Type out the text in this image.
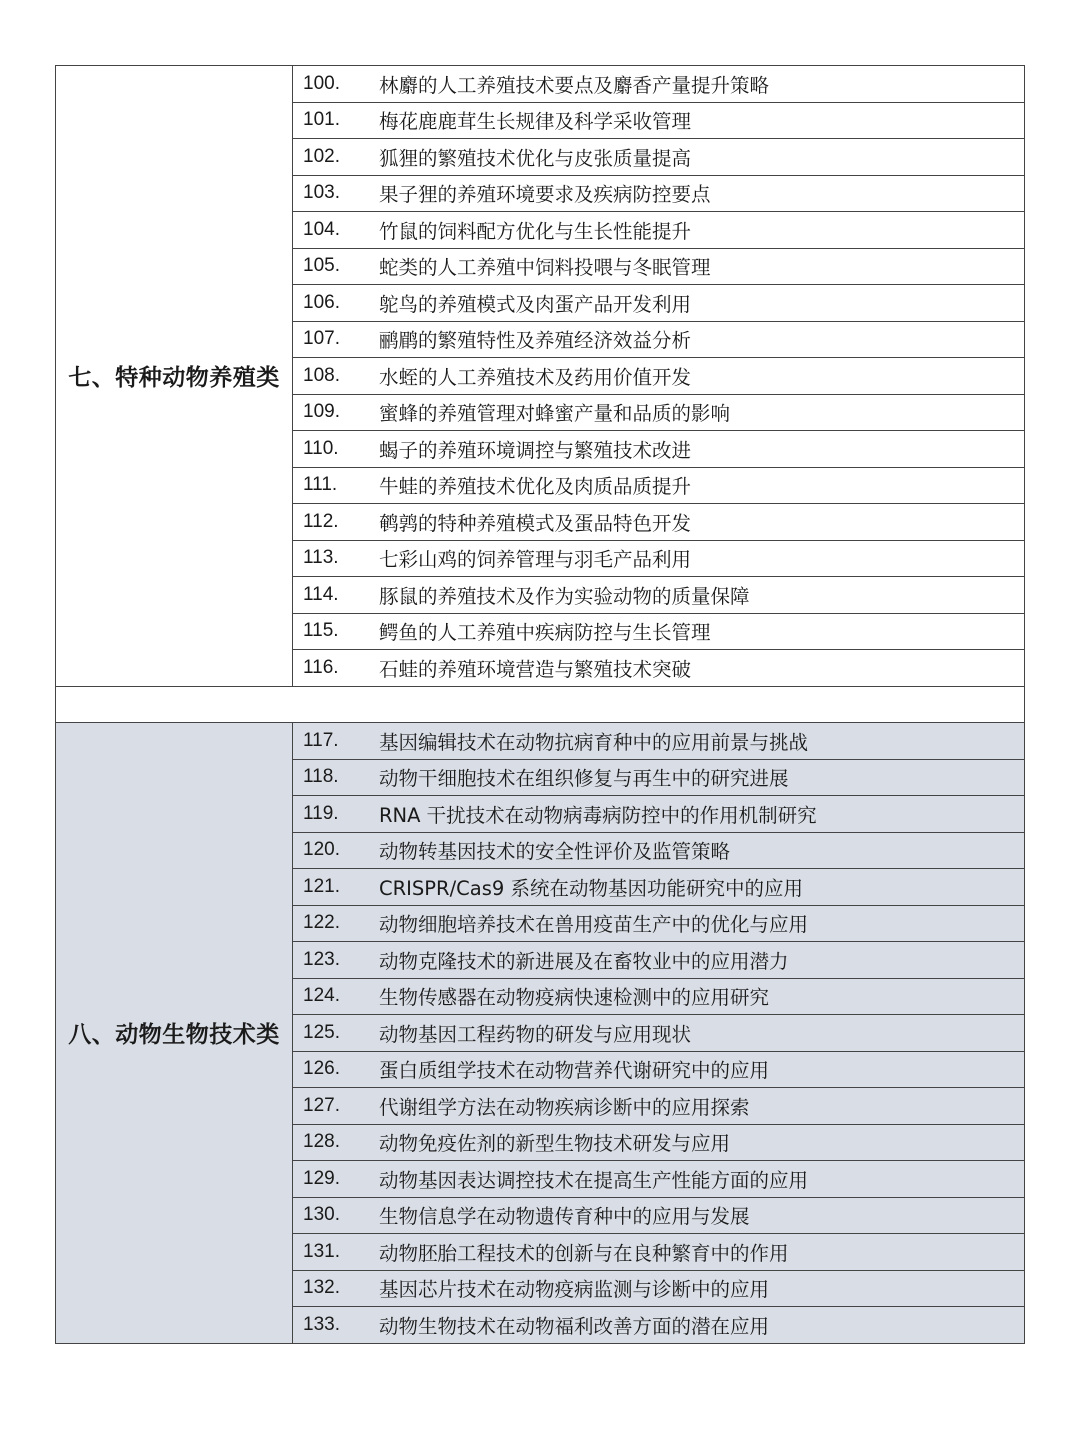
七、特种动物养殖类	100. 林麝的人工养殖技术要点及麝香产量提升策略

	101. 梅花鹿鹿茸生长规律及科学采收管理

	102. 狐狸的繁殖技术优化与皮张质量提高

	103. 果子狸的养殖环境要求及疾病防控要点

	104. 竹鼠的饲料配方优化与生长性能提升

	105. 蛇类的人工养殖中饲料投喂与冬眠管理

	106. 鸵鸟的养殖模式及肉蛋产品开发利用

	107. 鹂鹛的繁殖特性及养殖经济效益分析

	108. 水蛭的人工养殖技术及药用价值开发

	109. 蜜蜂的养殖管理对蜂蜜产量和品质的影响

	110. 蝎子的养殖环境调控与繁殖技术改进

	111. 牛蛙的养殖技术优化及肉质品质提升

	112. 鹌鹑的特种养殖模式及蛋品特色开发

	113. 七彩山鸡的饲养管理与羽毛产品利用

	114. 豚鼠的养殖技术及作为实验动物的质量保障

	115. 鳄鱼的人工养殖中疾病防控与生长管理

	116. 石蛙的养殖环境营造与繁殖技术突破

八、动物生物技术类	117. 基因编辑技术在动物抗病育种中的应用前景与挑战

	118. 动物干细胞技术在组织修复与再生中的研究进展

	119. RNA 干扰技术在动物病毒病防控中的作用机制研究

	120. 动物转基因技术的安全性评价及监管策略

	121. CRISPR/Cas9 系统在动物基因功能研究中的应用

	122. 动物细胞培养技术在兽用疫苗生产中的优化与应用

	123. 动物克隆技术的新进展及在畜牧业中的应用潜力

	124. 生物传感器在动物疫病快速检测中的应用研究

	125. 动物基因工程药物的研发与应用现状

	126. 蛋白质组学技术在动物营养代谢研究中的应用

	127. 代谢组学方法在动物疾病诊断中的应用探索

	128. 动物免疫佐剂的新型生物技术研发与应用

	129. 动物基因表达调控技术在提高生产性能方面的应用

	130. 生物信息学在动物遗传育种中的应用与发展

	131. 动物胚胎工程技术的创新与在良种繁育中的作用

	132. 基因芯片技术在动物疫病监测与诊断中的应用

	133. 动物生物技术在动物福利改善方面的潜在应用
